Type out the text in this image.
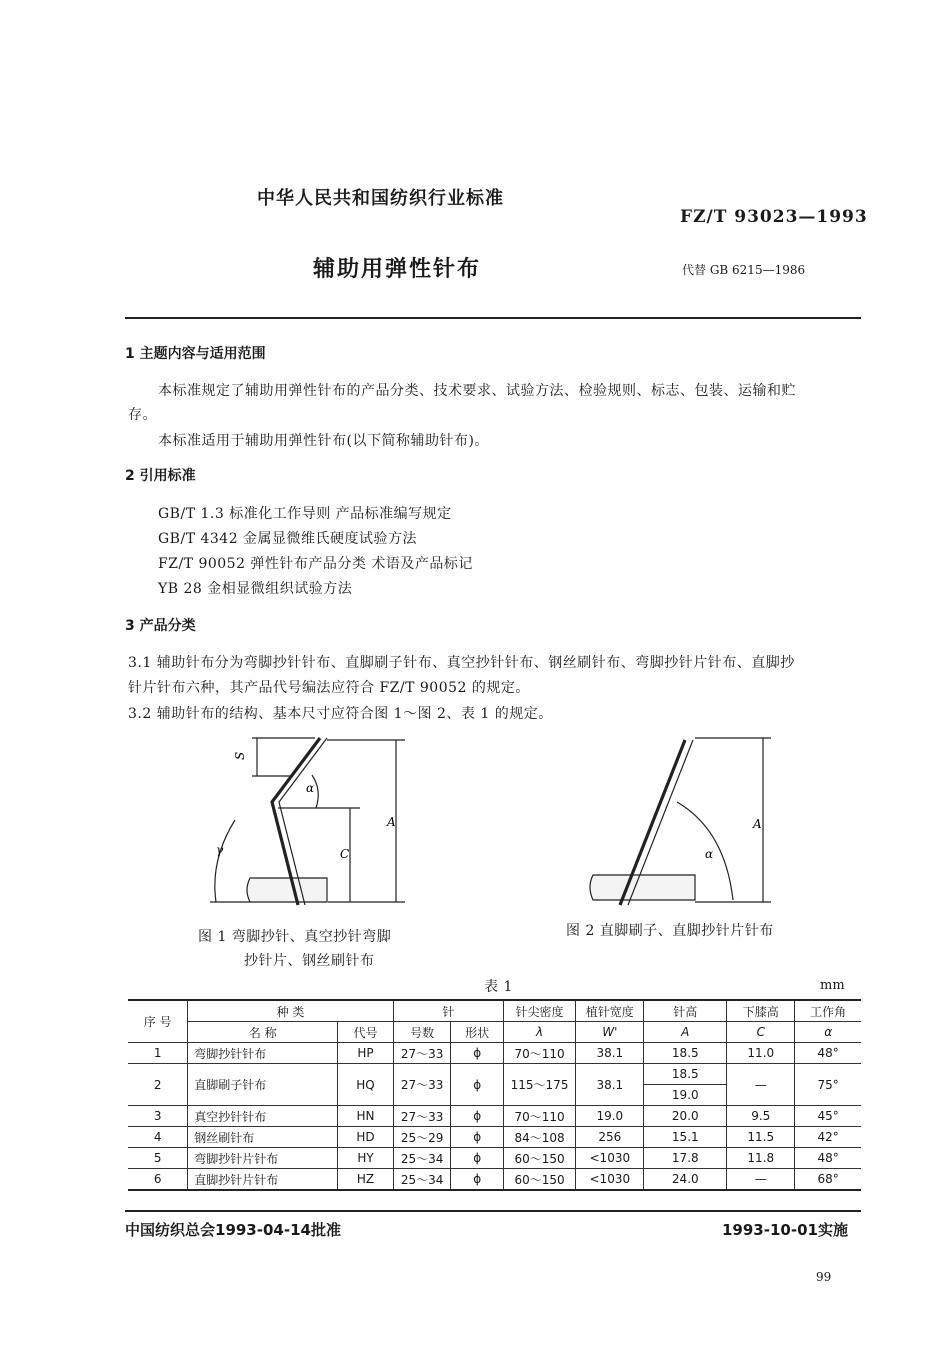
中华人民共和国纺织行业标准
FZ/T 93023—1993
辅助用弹性针布	代替 GB 6215—1986
1 主题内容与适用范围
本标准规定了辅助用弹性针布的产品分类、技术要求、试验方法、检验规则、标志、包装、运输和贮
存。
本标准适用于辅助用弹性针布(以下简称辅助针布)。
2 引用标准
GB/T 1.3 标准化工作导则 产品标准编写规定
GB/T 4342 金属显微维氏硬度试验方法
FZ/T 90052 弹性针布产品分类 术语及产品标记
YB 28 金相显微组织试验方法
3 产品分类
3.1 辅助针布分为弯脚抄针针布、直脚刷子针布、真空抄针针布、钢丝刷针布、弯脚抄针片针布、直脚抄
针片针布六种，其产品代号编法应符合 FZ/T 90052 的规定。
3.2 辅助针布的结构、基本尺寸应符合图 1～图 2、表 1 的规定。
S
α
A
C
γ
图 1 弯脚抄针、真空抄针弯脚
抄针片、钢丝刷针布
A
α
图 2 直脚刷子、直脚抄针片针布
表 1	mm
序 号	种 类		针		针尖密度	植针宽度	针高	下膝高	工作角
	名 称	代号	号数	形状	λ	W'	A	C	α
1	弯脚抄针针布	HP	27～33	ϕ	70～110	38.1	18.5	11.0	48°
2	直脚刷子针布	HQ	27～33	ϕ	115～175	38.1	18.5	—	75°
							19.0		
3	真空抄针针布	HN	27～33	ϕ	70～110	19.0	20.0	9.5	45°
4	钢丝刷针布	HD	25～29	ϕ	84～108	256	15.1	11.5	42°
5	弯脚抄针片针布	HY	25～34	ϕ	60～150	<1030	17.8	11.8	48°
6	直脚抄针片针布	HZ	25～34	ϕ	60～150	<1030	24.0	—	68°
中国纺织总会1993-04-14批准	1993-10-01实施
99
